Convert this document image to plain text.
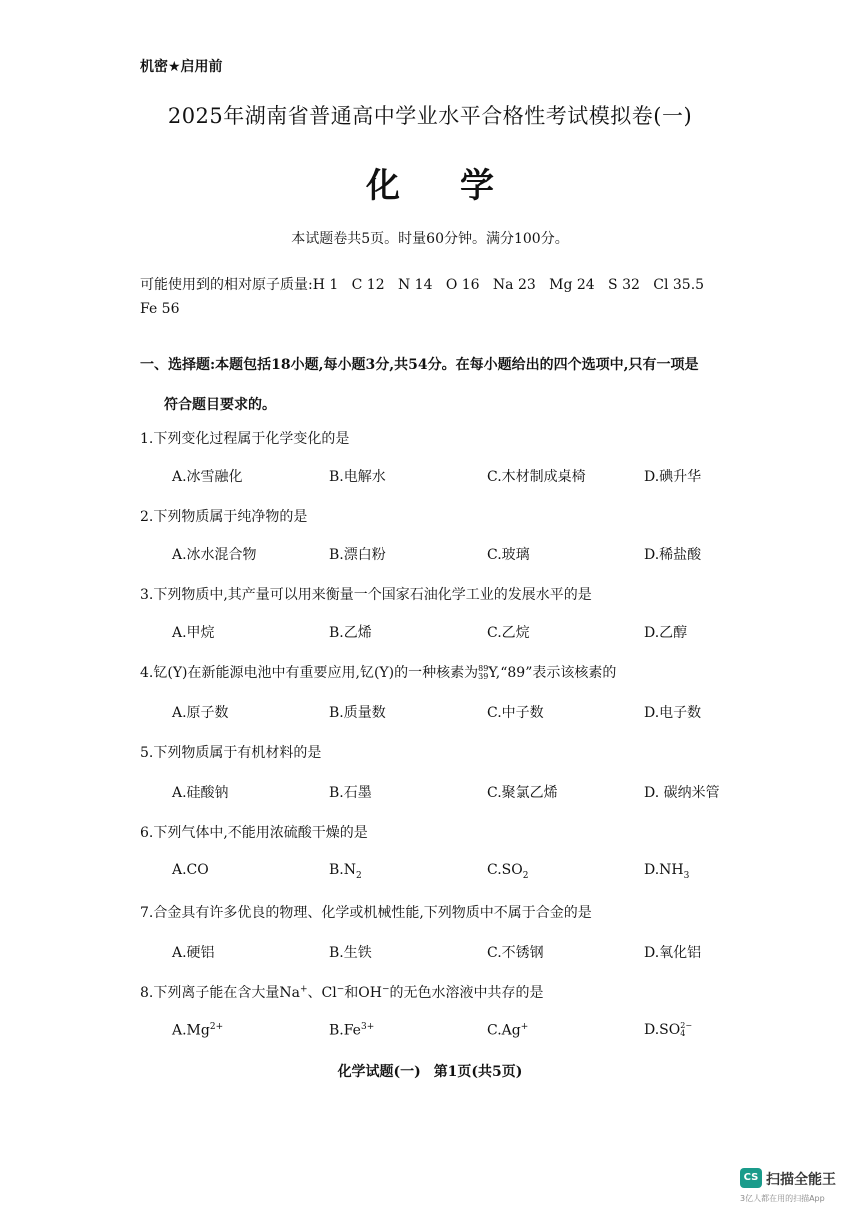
机密★启用前
2025年湖南省普通高中学业水平合格性考试模拟卷(一)
化学
本试题卷共5页。时量60分钟。满分100分。
可能使用到的相对原子质量:H 1   C 12   N 14   O 16   Na 23   Mg 24   S 32   Cl 35.5
Fe 56
一、选择题:本题包括18小题,每小题3分,共54分。在每小题给出的四个选项中,只有一项是
符合题目要求的。
1.下列变化过程属于化学变化的是
A.冰雪融化	B.电解水	C.木材制成桌椅	D.碘升华
2.下列物质属于纯净物的是
A.冰水混合物	B.漂白粉	C.玻璃	D.稀盐酸
3.下列物质中,其产量可以用来衡量一个国家石油化学工业的发展水平的是
A.甲烷	B.乙烯	C.乙烷	D.乙醇
4.钇(Y)在新能源电池中有重要应用,钇(Y)的一种核素为 89
39 Y,“89”表示该核素的
A.原子数	B.质量数	C.中子数	D.电子数
5.下列物质属于有机材料的是
A.硅酸钠	B.石墨	C.聚氯乙烯	D. 碳纳米管
6.下列气体中,不能用浓硫酸干燥的是
A.CO	$B.N_2$	$C.SO_2$	$D.NH_3$
7.合金具有许多优良的物理、化学或机械性能,下列物质中不属于合金的是
A.硬铝	B.生铁	C.不锈钢	D.氧化铝
8.下列离子能在含大量Na+、Cl−和OH−的无色水溶液中共存的是
$A.Mg^{2+}$	$B.Fe^{3+}$	C.Ag+	D.SO 2−
4
化学试题(一) 第1页(共5页)
CS 扫描全能王
3亿人都在用的扫描App
